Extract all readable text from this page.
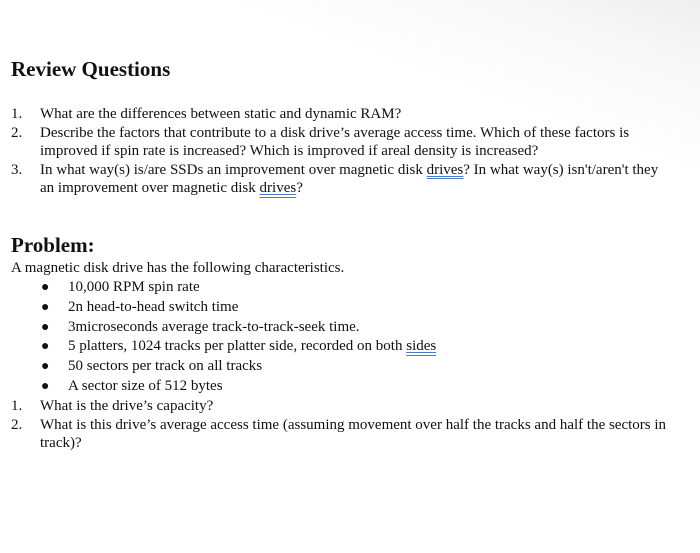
Review Questions
1. What are the differences between static and dynamic RAM?
2. Describe the factors that contribute to a disk drive’s average access time. Which of these factors is improved if spin rate is increased? Which is improved if areal density is increased?
3. In what way(s) is/are SSDs an improvement over magnetic disk drives? In what way(s) isn't/aren't they an improvement over magnetic disk drives?
Problem:

A magnetic disk drive has the following characteristics.

● 10,000 RPM spin rate
● 2n head-to-head switch time
● 3microseconds average track-to-track-seek time.
● 5 platters, 1024 tracks per platter side, recorded on both sides
● 50 sectors per track on all tracks
● A sector size of 512 bytes
1. What is the drive’s capacity?
2. What is this drive’s average access time (assuming movement over half the tracks and half the sectors in track)?
